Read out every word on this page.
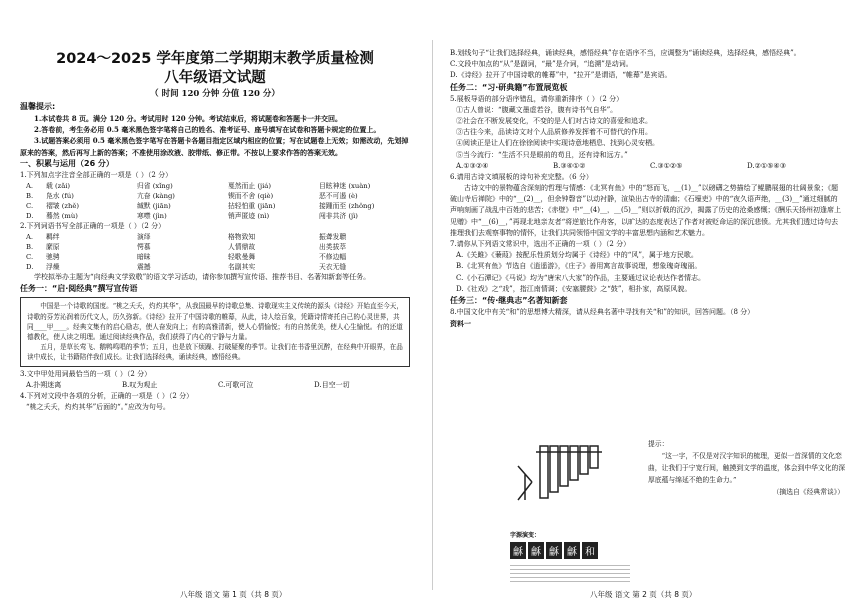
2024～2025 学年度第二学期期末教学质量检测
八年级语文试题
（ 时间 120 分钟 分值 120 分）
温馨提示:
1.本试卷共 8 页。满分 120 分。考试用时 120 分钟。考试结束后，将试题卷和答题卡一并交回。
2.答卷前，考生务必用 0.5 毫米黑色签字笔将自己的姓名、准考证号、座号填写在试卷和答题卡规定的位置上。
3.试题答案必须用 0.5 毫米黑色签字笔写在答题卡各题目指定区域内相应的位置；写在试题卷上无效；如需改动，先划掉原来的答案，然后再写上新的答案；不准使用涂改液、胶带纸、修正带。不按以上要求作答的答案无效。
一、积累与运用（26 分）
1.下列加点字注音全部正确的一项是（ ）（2 分）
A.	载 (zǎi)	归省 (xǐng)	戛然而止 (jiá)	目眩神迷 (xuàn)
B.	凫水 (fú)	亢奋 (kàng)	锲而不舍 (qiè)	恶不可遏 (è)
C.	褶皱 (zhě)	缄默 (jiān)	拈轻怕重 (jiān)	接踵而至 (zhǒng)
D.	蓦然 (mù)	寒噤 (jìn)	销声匿迹 (nì)	闯非共济 (jì)
2.下列词语书写全部正确的一项是（ ）（2 分）
A.	羁绊	演绎	格物致知	振聋发聩
B.	縻原	愕慕	人情鼎故	出类拔萃
C.	驰骋	暗昧	轻歌曼舞	不修边幅
D.	浮燥	震撼	名副其实	天衣无缝
学校拟举办主题为“向经典文学致敬”的语文学习活动，请你参加撰写宣传语、推荐书目、名著知新套等任务。
任务一：“启·阅经典”撰写宣传语
中国是一个诗歌的国度。“桃之夭夭，灼灼其华”，从我国最早的诗歌总集、诗歌现实主义传统的源头《诗经》开始直至今天，诗歌的芬芳沁润着历代文人，历久弥新。《诗经》拉开了中国诗歌的帷幕，从此，诗人绘百象，凭籍诗情寄托自己的心灵世界，共同____甲____。经典文集有的启心励志，使人奋发向上；有的高雅清新，使人心情愉悦；有的自然优美，使人心生愉悦。有的还道德教化，使人读之明理。通过阅读经典作品，我们获得了内心的宁静与力量。
五月，是草长莺飞、鹅鸭鸣唱的季节；五月，也是放下烦躁、打破疑聚的季节。让我们在书香里沉醉，在经典中开眼界，在品读中成长，让书籍陪伴我们成长。让我们选择经典，诵读经典，感悟经典。
3.文中甲处用词最恰当的一项（ ）（2 分）
A.扑朔迷离	B.叹为观止	C.可歌可泣	D.目空一切
4.下列对文段中各项的分析，正确的一项是（ ）（2 分）
“桃之夭夭，灼灼其华”后面的“。”应改为句号。
八年级 语文 第 1 页（共 8 页）
B.划线句子“让我们选择经典，诵读经典，感悟经典”存在语序不当，应调整为“诵读经典，选择经典，感悟经典”。
C.文段中加点的“从”是副词，“最”是介词，“追溯”是动词。
D.《诗经》拉开了中国诗歌的帷幕”中，“拉开”是谓语，“帷幕”是宾语。
任务二：“习·研典籍”布置展览板
5.展板导语的部分语序错乱，请你重新排序（ ）（2 分）
①古人曾说：“腹藏文墨虚若谷，腹有诗书气自华”。
②社会在不断发展变化，不变的是人们对古诗文的喜爱和追求。
③古往今来，品读诗文对个人品质修养发挥着不可替代的作用。
④阅读正是让人们在徐徐阅读中实现诗意地栖息、找到心灵安栖。
⑤当今流行：“生活不只是眼前的苟且，还有诗和远方。”
A.①③②④	B.③④①②	C.③①②⑤	D.②①⑤④③
6.请用古诗文填展板的诗句补充完整。（6 分）
古诗文中的景物蕴含深刻的哲理与情感：《北冥有鱼》中的“怒而飞，__(1)__”以磅礴之势描绘了鲲鹏展翅的壮阔景象；《题破山寺后禅院》中的“__(2)__，但余钟磬音”以动衬静，渲染出古寺的清幽；《石壕吏》中的“夜久语声绝，__(3)__”通过细腻的声响刻画了战乱中百姓的悲苦；《赤壁》中“__(4)__，__(5)__”则以折戟的沉沙，揭露了历史的沧桑感慨；《酬乐天扬州初逢席上见赠》中“__(6)__，”再现北地亲友者“将逆旅比作舟客，以旷达的态度表达了作者对被贬命运的深沉悲愤。尤其我们透过诗句去推理我们去观察事物的情怀，让我们共同领悟中国文学的丰富思想内涵和艺术魅力。
7.请你从下列语文常识中，选出不正确的一项（ ）（2 分）
A.《关雎》《蒹葭》按配乐性质划分均属于《诗经》中的“风”，属于地方民歌。
B.《北冥有鱼》节选自《逍遥游》，《庄子》善用寓言故事说理，想象瑰奇瑰丽。
C.《小石潭记》《马说》均为“唐宋八大家”的作品，主要通过议论表达作者情志。
D.《社戏》之“戏”，指江南情调；《安塞腰鼓》之“鼓”，相扑家，高原风貌。
任务三：“传·继典志”名著知新套
8.中国文化中有关“和”的思想博大精深，请从经典名著中寻找有关“和”的知识，回答问题。（8 分）
资料一
八年级 语文 第 2 页（共 8 页）
字源演变：
龢 龢 龢 龢 和
提示：
“这一字，不仅是对汉字知识的梳理，更似一首深情的文化恋曲，让我们于宁宽行间，触摸到文学的温度，体会到中华文化的深厚底蕴与绵延不绝的生命力。”
（摘选自《经典常谈》）
